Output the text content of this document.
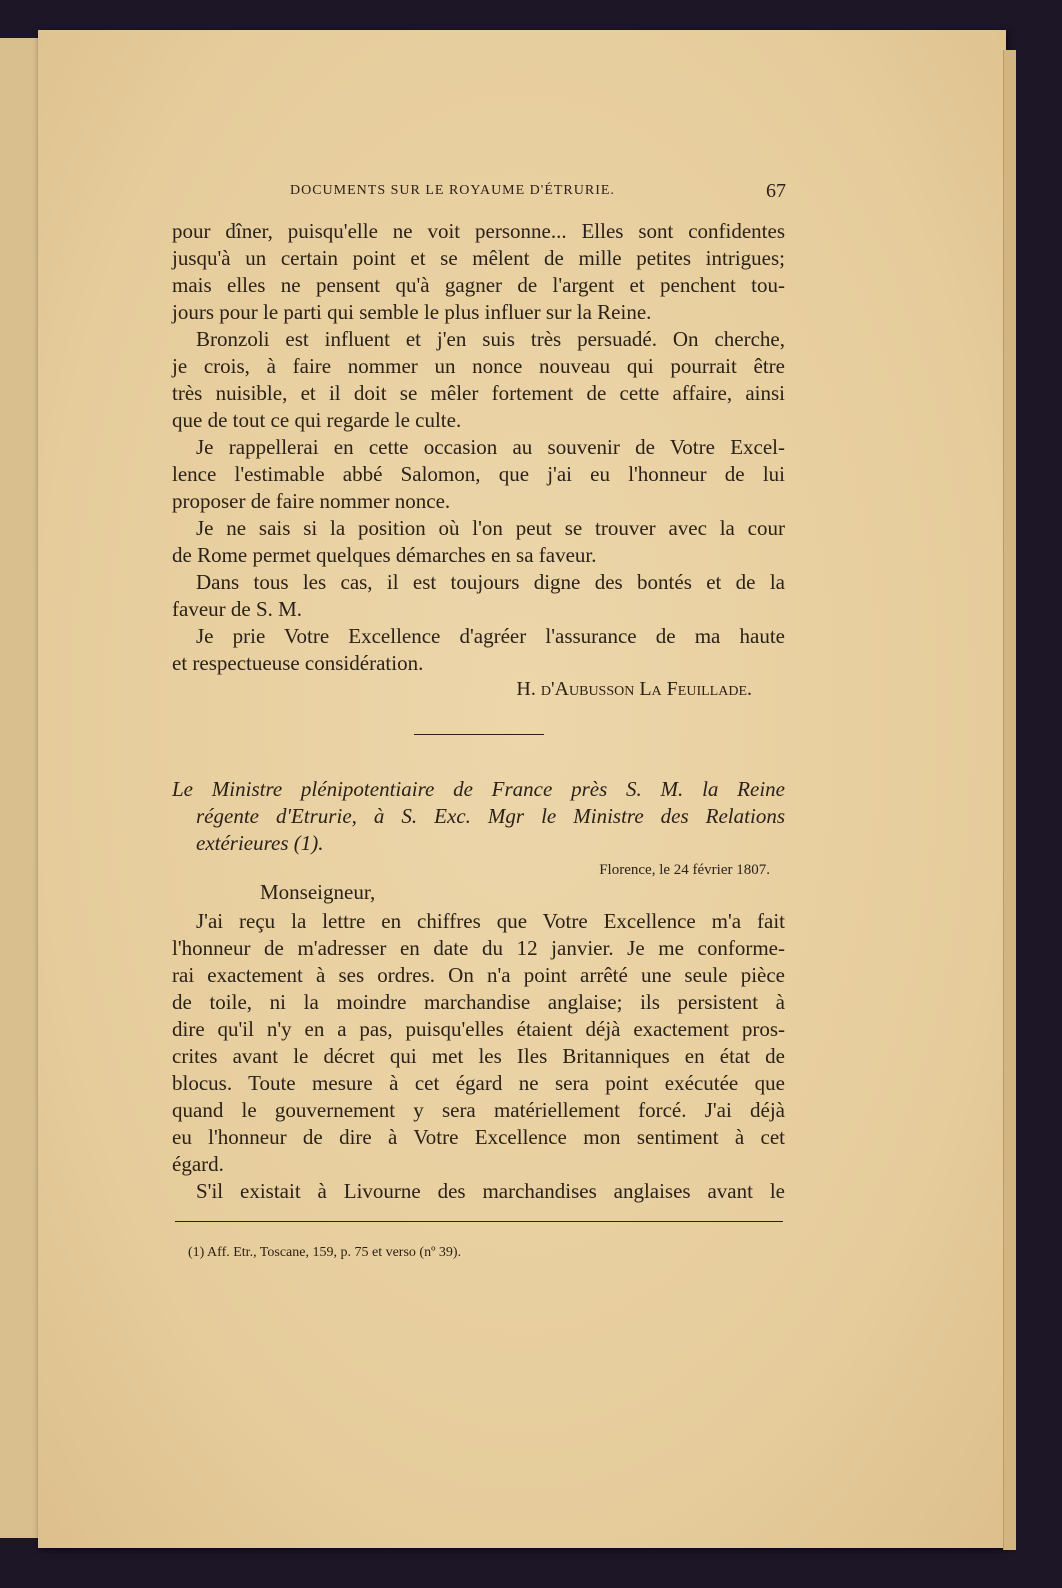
DOCUMENTS SUR LE ROYAUME D'ÉTRURIE.	67
pour dîner, puisqu'elle ne voit personne... Elles sont confidentes
jusqu'à un certain point et se mêlent de mille petites intrigues;
mais elles ne pensent qu'à gagner de l'argent et penchent tou-
jours pour le parti qui semble le plus influer sur la Reine.
Bronzoli est influent et j'en suis très persuadé. On cherche,
je crois, à faire nommer un nonce nouveau qui pourrait être
très nuisible, et il doit se mêler fortement de cette affaire, ainsi
que de tout ce qui regarde le culte.
Je rappellerai en cette occasion au souvenir de Votre Excel-
lence l'estimable abbé Salomon, que j'ai eu l'honneur de lui
proposer de faire nommer nonce.
Je ne sais si la position où l'on peut se trouver avec la cour
de Rome permet quelques démarches en sa faveur.
Dans tous les cas, il est toujours digne des bontés et de la
faveur de S. M.
Je prie Votre Excellence d'agréer l'assurance de ma haute
et respectueuse considération.
H. d'Aubusson La Feuillade.
Le Ministre plénipotentiaire de France près S. M. la Reine
régente d'Etrurie, à S. Exc. Mgr le Ministre des Relations
extérieures (1).
Florence, le 24 février 1807.
Monseigneur,
J'ai reçu la lettre en chiffres que Votre Excellence m'a fait
l'honneur de m'adresser en date du 12 janvier. Je me conforme-
rai exactement à ses ordres. On n'a point arrêté une seule pièce
de toile, ni la moindre marchandise anglaise; ils persistent à
dire qu'il n'y en a pas, puisqu'elles étaient déjà exactement pros-
crites avant le décret qui met les Iles Britanniques en état de
blocus. Toute mesure à cet égard ne sera point exécutée que
quand le gouvernement y sera matériellement forcé. J'ai déjà
eu l'honneur de dire à Votre Excellence mon sentiment à cet
égard.
S'il existait à Livourne des marchandises anglaises avant le
(1) Aff. Etr., Toscane, 159, p. 75 et verso (nº 39).
